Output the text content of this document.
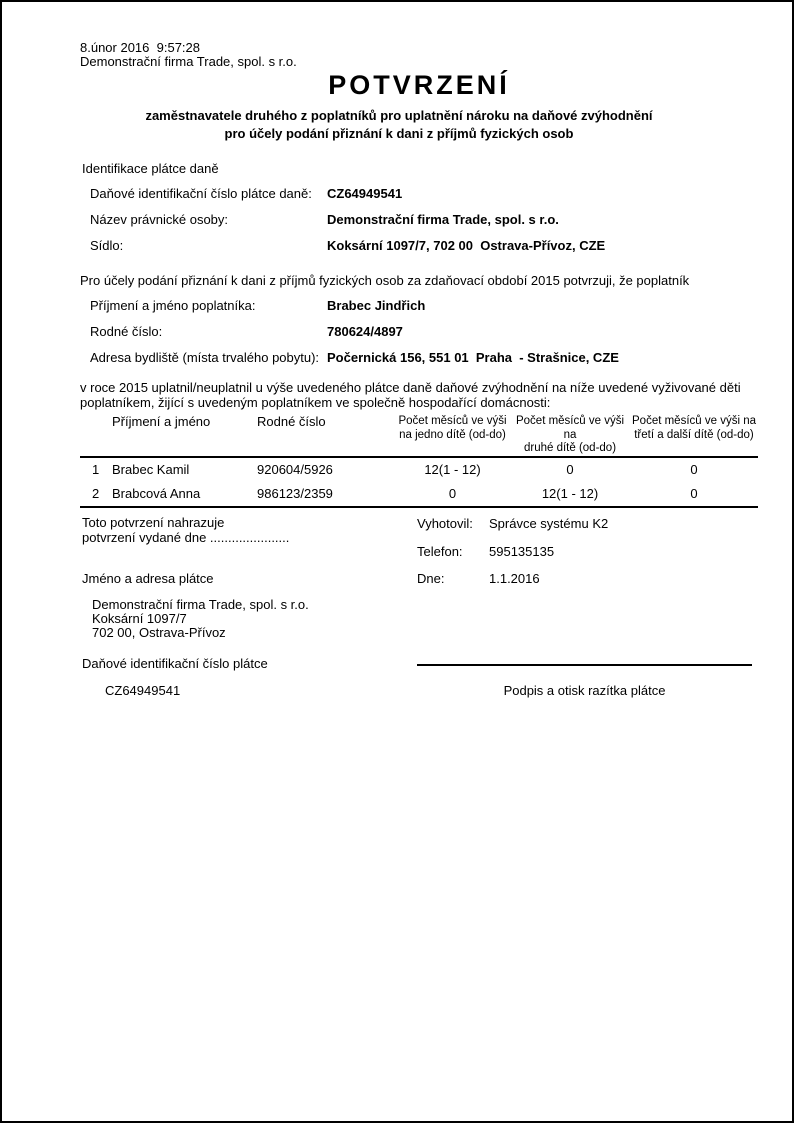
8.únor 2016  9:57:28
Demonstrační firma Trade, spol. s r.o.
POTVRZENÍ
zaměstnavatele druhého z poplatníků pro uplatnění nároku na daňové zvýhodnění
pro účely podání přiznání k dani z příjmů fyzických osob
Identifikace plátce daně
Daňové identifikační číslo plátce daně:	CZ64949541
Název právnické osoby:	Demonstrační firma Trade, spol. s r.o.
Sídlo:	Koksární 1097/7, 702 00  Ostrava-Přívoz, CZE
Pro účely podání přiznání k dani z příjmů fyzických osob za zdaňovací období 2015 potvrzuji, že poplatník
Příjmení a jméno poplatníka:	Brabec Jindřich
Rodné číslo:	780624/4897
Adresa bydliště (místa trvalého pobytu): Počernická 156, 551 01  Praha  - Strašnice, CZE
v roce 2015 uplatnil/neuplatnil u výše uvedeného plátce daně daňové zvýhodnění na níže uvedené vyživované děti poplatníkem, žijící s uvedeným poplatníkem ve společně hospodařící domácnosti:
	Příjmení a jméno	Rodné číslo	Počet měsíců ve výši
na jedno dítě (od-do)

Počet měsíců ve výši na
druhé dítě (od-do)

Počet měsíců ve výši na
třetí a další dítě (od-do)

1	Brabec Kamil	920604/5926	12(1 - 12)	0	0
2	Brabcová Anna	986123/2359	0	12(1 - 12)	0
Toto potvrzení nahrazuje
potvrzení vydané dne ......................
Jméno a adresa plátce
Demonstrační firma Trade, spol. s r.o.
Koksární 1097/7
702 00, Ostrava-Přívoz
Daňové identifikační číslo plátce
CZ64949541
Vyhotovil:	Správce systému K2
Telefon:	595135135
Dne:	1.1.2016
Podpis a otisk razítka plátce
